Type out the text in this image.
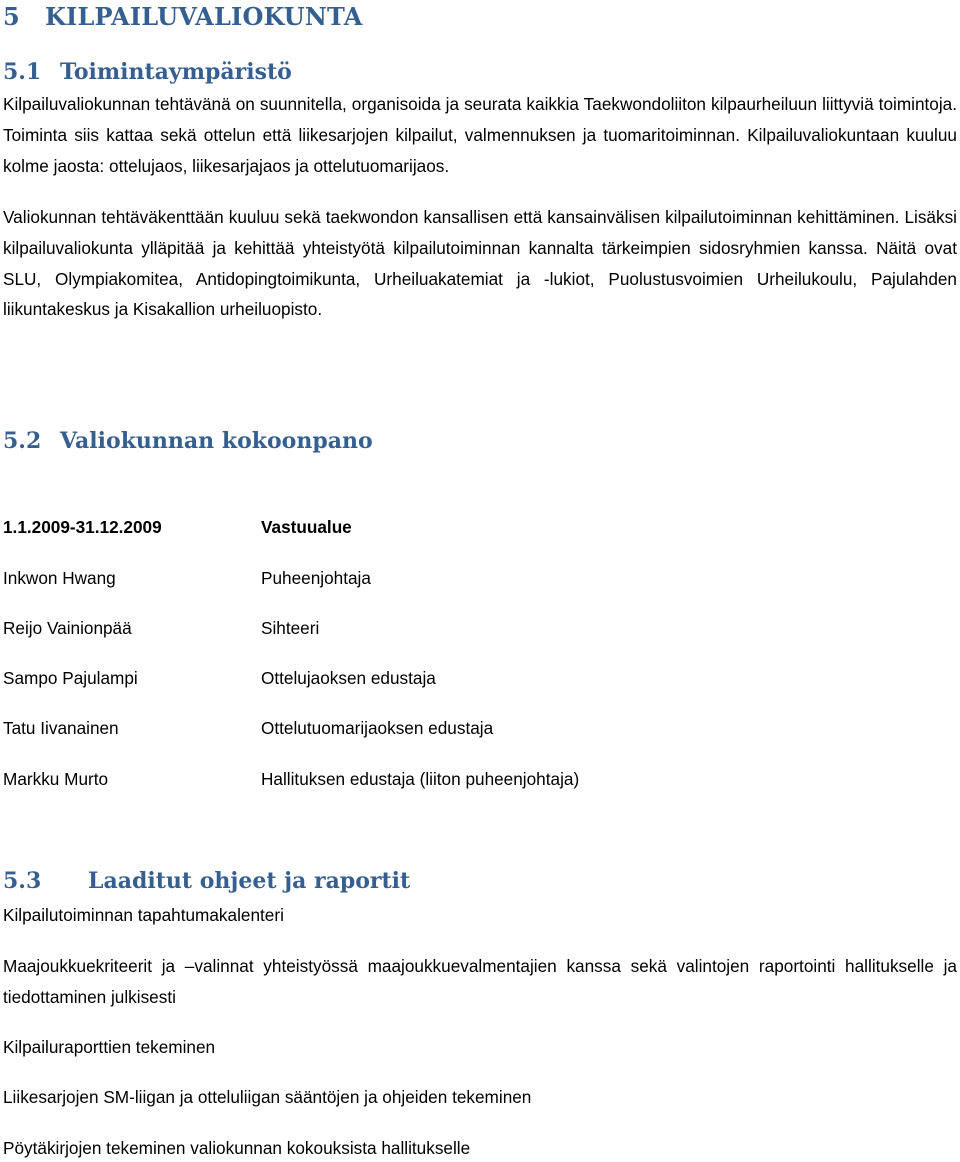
5 KILPAILUVALIOKUNTA
5.1 Toimintaympäristö

Kilpailuvaliokunnan tehtävänä on suunnitella, organisoida ja seurata kaikkia Taekwondoliiton kilpaurheiluun liittyviä toimintoja. Toiminta siis kattaa sekä ottelun että liikesarjojen kilpailut, valmennuksen ja tuomaritoiminnan. Kilpailuvaliokuntaan kuuluu kolme jaosta: ottelujaos, liikesarjajaos ja ottelutuomarijaos.

Valiokunnan tehtäväkenttään kuuluu sekä taekwondon kansallisen että kansainvälisen kilpailutoiminnan kehittäminen. Lisäksi kilpailuvaliokunta ylläpitää ja kehittää yhteistyötä kilpailutoiminnan kannalta tärkeimpien sidosryhmien kanssa. Näitä ovat SLU, Olympiakomitea, Antidopingtoimikunta, Urheiluakatemiat ja -lukiot, Puolustusvoimien Urheilukoulu, Pajulahden liikuntakeskus ja Kisakallion urheiluopisto.

5.2 Valiokunnan kokoonpano
1.1.2009-31.12.2009	Vastuualue
Inkwon Hwang	Puheenjohtaja
Reijo Vainionpää	Sihteeri
Sampo Pajulampi	Ottelujaoksen edustaja
Tatu Iivanainen	Ottelutuomarijaoksen edustaja
Markku Murto	Hallituksen edustaja (liiton puheenjohtaja)
5.3 Laaditut ohjeet ja raportit

Kilpailutoiminnan tapahtumakalenteri

Maajoukkuekriteerit ja –valinnat yhteistyössä maajoukkuevalmentajien kanssa sekä valintojen raportointi hallitukselle ja tiedottaminen julkisesti

Kilpailuraporttien tekeminen

Liikesarjojen SM-liigan ja otteluliigan sääntöjen ja ohjeiden tekeminen

Pöytäkirjojen tekeminen valiokunnan kokouksista hallitukselle
